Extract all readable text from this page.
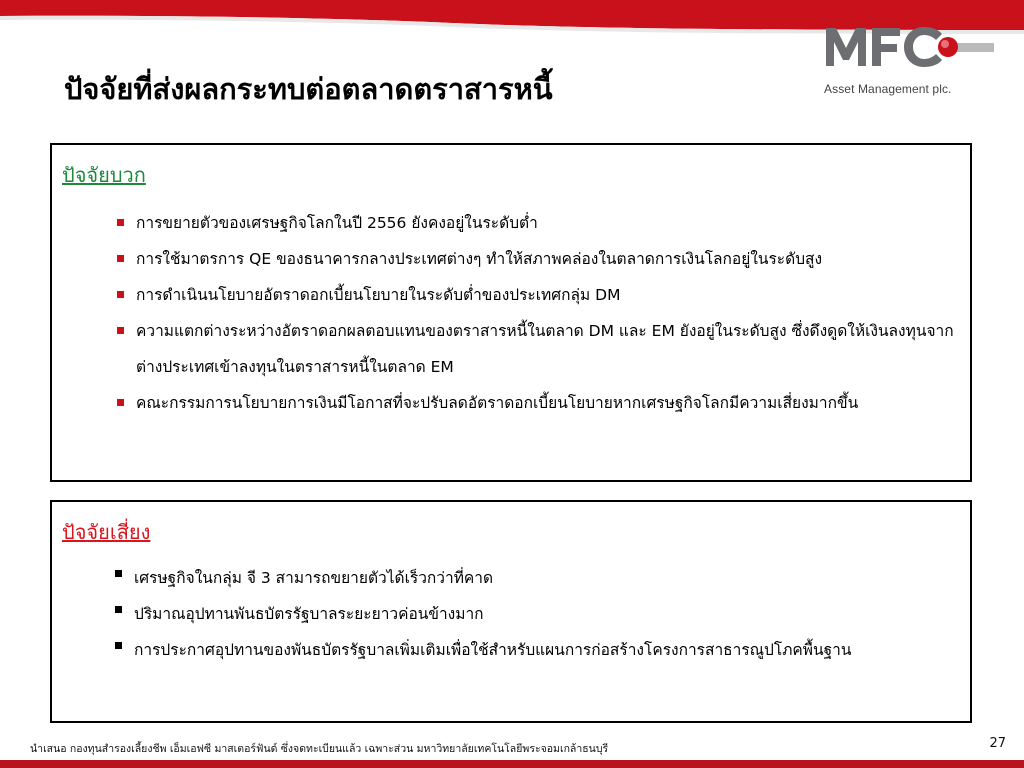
Asset Management plc.
ปัจจัยที่ส่งผลกระทบต่อตลาดตราสารหนี้
ปัจจัยบวก
การขยายตัวของเศรษฐกิจโลกในปี 2556 ยังคงอยู่ในระดับต่ำ
การใช้มาตรการ QE ของธนาคารกลางประเทศต่างๆ ทำให้สภาพคล่องในตลาดการเงินโลกอยู่ในระดับสูง
การดำเนินนโยบายอัตราดอกเบี้ยนโยบายในระดับต่ำของประเทศกลุ่ม DM
ความแตกต่างระหว่างอัตราดอกผลตอบแทนของตราสารหนี้ในตลาด DM และ EM ยังอยู่ในระดับสูง ซึ่งดึงดูดให้เงินลงทุนจากต่างประเทศเข้าลงทุนในตราสารหนี้ในตลาด EM
คณะกรรมการนโยบายการเงินมีโอกาสที่จะปรับลดอัตราดอกเบี้ยนโยบายหากเศรษฐกิจโลกมีความเสี่ยงมากขึ้น
ปัจจัยเสี่ยง
เศรษฐกิจในกลุ่ม จี 3 สามารถขยายตัวได้เร็วกว่าที่คาด
ปริมาณอุปทานพันธบัตรรัฐบาลระยะยาวค่อนข้างมาก
การประกาศอุปทานของพันธบัตรรัฐบาลเพิ่มเติมเพื่อใช้สำหรับแผนการก่อสร้างโครงการสาธารณูปโภคพื้นฐาน
นำเสนอ กองทุนสำรองเลี้ยงชีพ เอ็มเอฟซี มาสเตอร์ฟันด์ ซึ่งจดทะเบียนแล้ว เฉพาะส่วน มหาวิทยาลัยเทคโนโลยีพระจอมเกล้าธนบุรี	27
